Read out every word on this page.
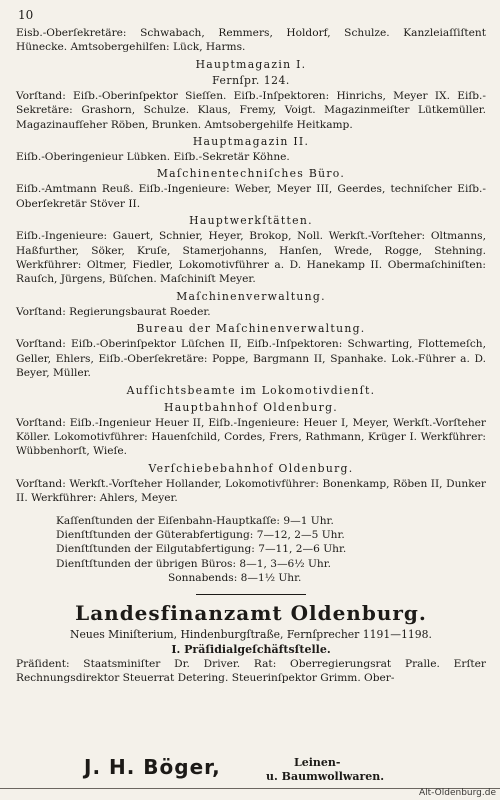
10
Eisb.-Oberſekretäre: Schwabach, Remmers, Holdorf, Schulze. Kanzleiaſſiſtent Hünecke. Amtsobergehilfen: Lück, Harms.
Hauptmagazin I.
Fernſpr. 124.
Vorſtand: Eiſb.-Oberinſpektor Sieſſen. Eiſb.-Inſpektoren: Hinrichs, Meyer IX. Eiſb.-Sekretäre: Grashorn, Schulze. Klaus, Fremy, Voigt. Magazinmeiſter Lütkemüller. Magazinaufſeher Röben, Brunken. Amtsobergehilfe Heitkamp.
Hauptmagazin II.
Eiſb.-Oberingenieur Lübken. Eiſb.-Sekretär Köhne.
Maſchinentechniſches Büro.
Eiſb.-Amtmann Reuß. Eiſb.-Ingenieure: Weber, Meyer III, Geerdes, techniſcher Eiſb.-Oberſekretär Stöver II.
Hauptwerkſtätten.
Eiſb.-Ingenieure: Gauert, Schnier, Heyer, Brokop, Noll. Werkſt.-Vorſteher: Oltmanns, Haßfurther, Söker, Kruſe, Stamerjohanns, Hanſen, Wrede, Rogge, Stehning. Werkführer: Oltmer, Fiedler, Lokomotivführer a. D. Hanekamp II. Obermaſchiniſten: Rauſch, Jürgens, Büſchen. Maſchiniſt Meyer.
Maſchinenverwaltung.
Vorſtand: Regierungsbaurat Roeder.
Bureau der Maſchinenverwaltung.
Vorſtand: Eiſb.-Oberinſpektor Lüſchen II, Eiſb.-Inſpektoren: Schwarting, Flottemeſch, Geller, Ehlers, Eiſb.-Oberſekretäre: Poppe, Bargmann II, Spanhake. Lok.-Führer a. D. Beyer, Müller.
Aufſichtsbeamte im Lokomotivdienſt.
Hauptbahnhof Oldenburg.
Vorſtand: Eiſb.-Ingenieur Heuer II, Eiſb.-Ingenieure: Heuer I, Meyer, Werkſt.-Vorſteher Köller. Lokomotivführer: Hauenſchild, Cordes, Frers, Rathmann, Krüger I. Werkführer: Wübbenhorſt, Wieſe.
Verſchiebebahnhof Oldenburg.
Vorſtand: Werkſt.-Vorſteher Hollander, Lokomotivführer: Bonenkamp, Röben II, Dunker II. Werkführer: Ahlers, Meyer.
Kaſſenſtunden der Eiſenbahn-Hauptkaſſe: 9—1 Uhr.
Dienſtſtunden der Güterabfertigung: 7—12, 2—5 Uhr.
Dienſtſtunden der Eilgutabfertigung: 7—11, 2—6 Uhr.
Dienſtſtunden der übrigen Büros: 8—1, 3—6½ Uhr.
Sonnabends: 8—1½ Uhr.
Landesfinanzamt Oldenburg.
Neues Miniſterium, Hindenburgſtraße, Fernſprecher 1191—1198.
I. Präſidialgeſchäftsſtelle.
Präſident: Staatsminiſter Dr. Driver. Rat: Oberregierungsrat Pralle. Erſter Rechnungsdirektor Steuerrat Detering. Steuerinſpektor Grimm. Ober-
J. H. Böger,	Leinen-
u. Baumwollwaren.
Alt-Oldenburg.de
